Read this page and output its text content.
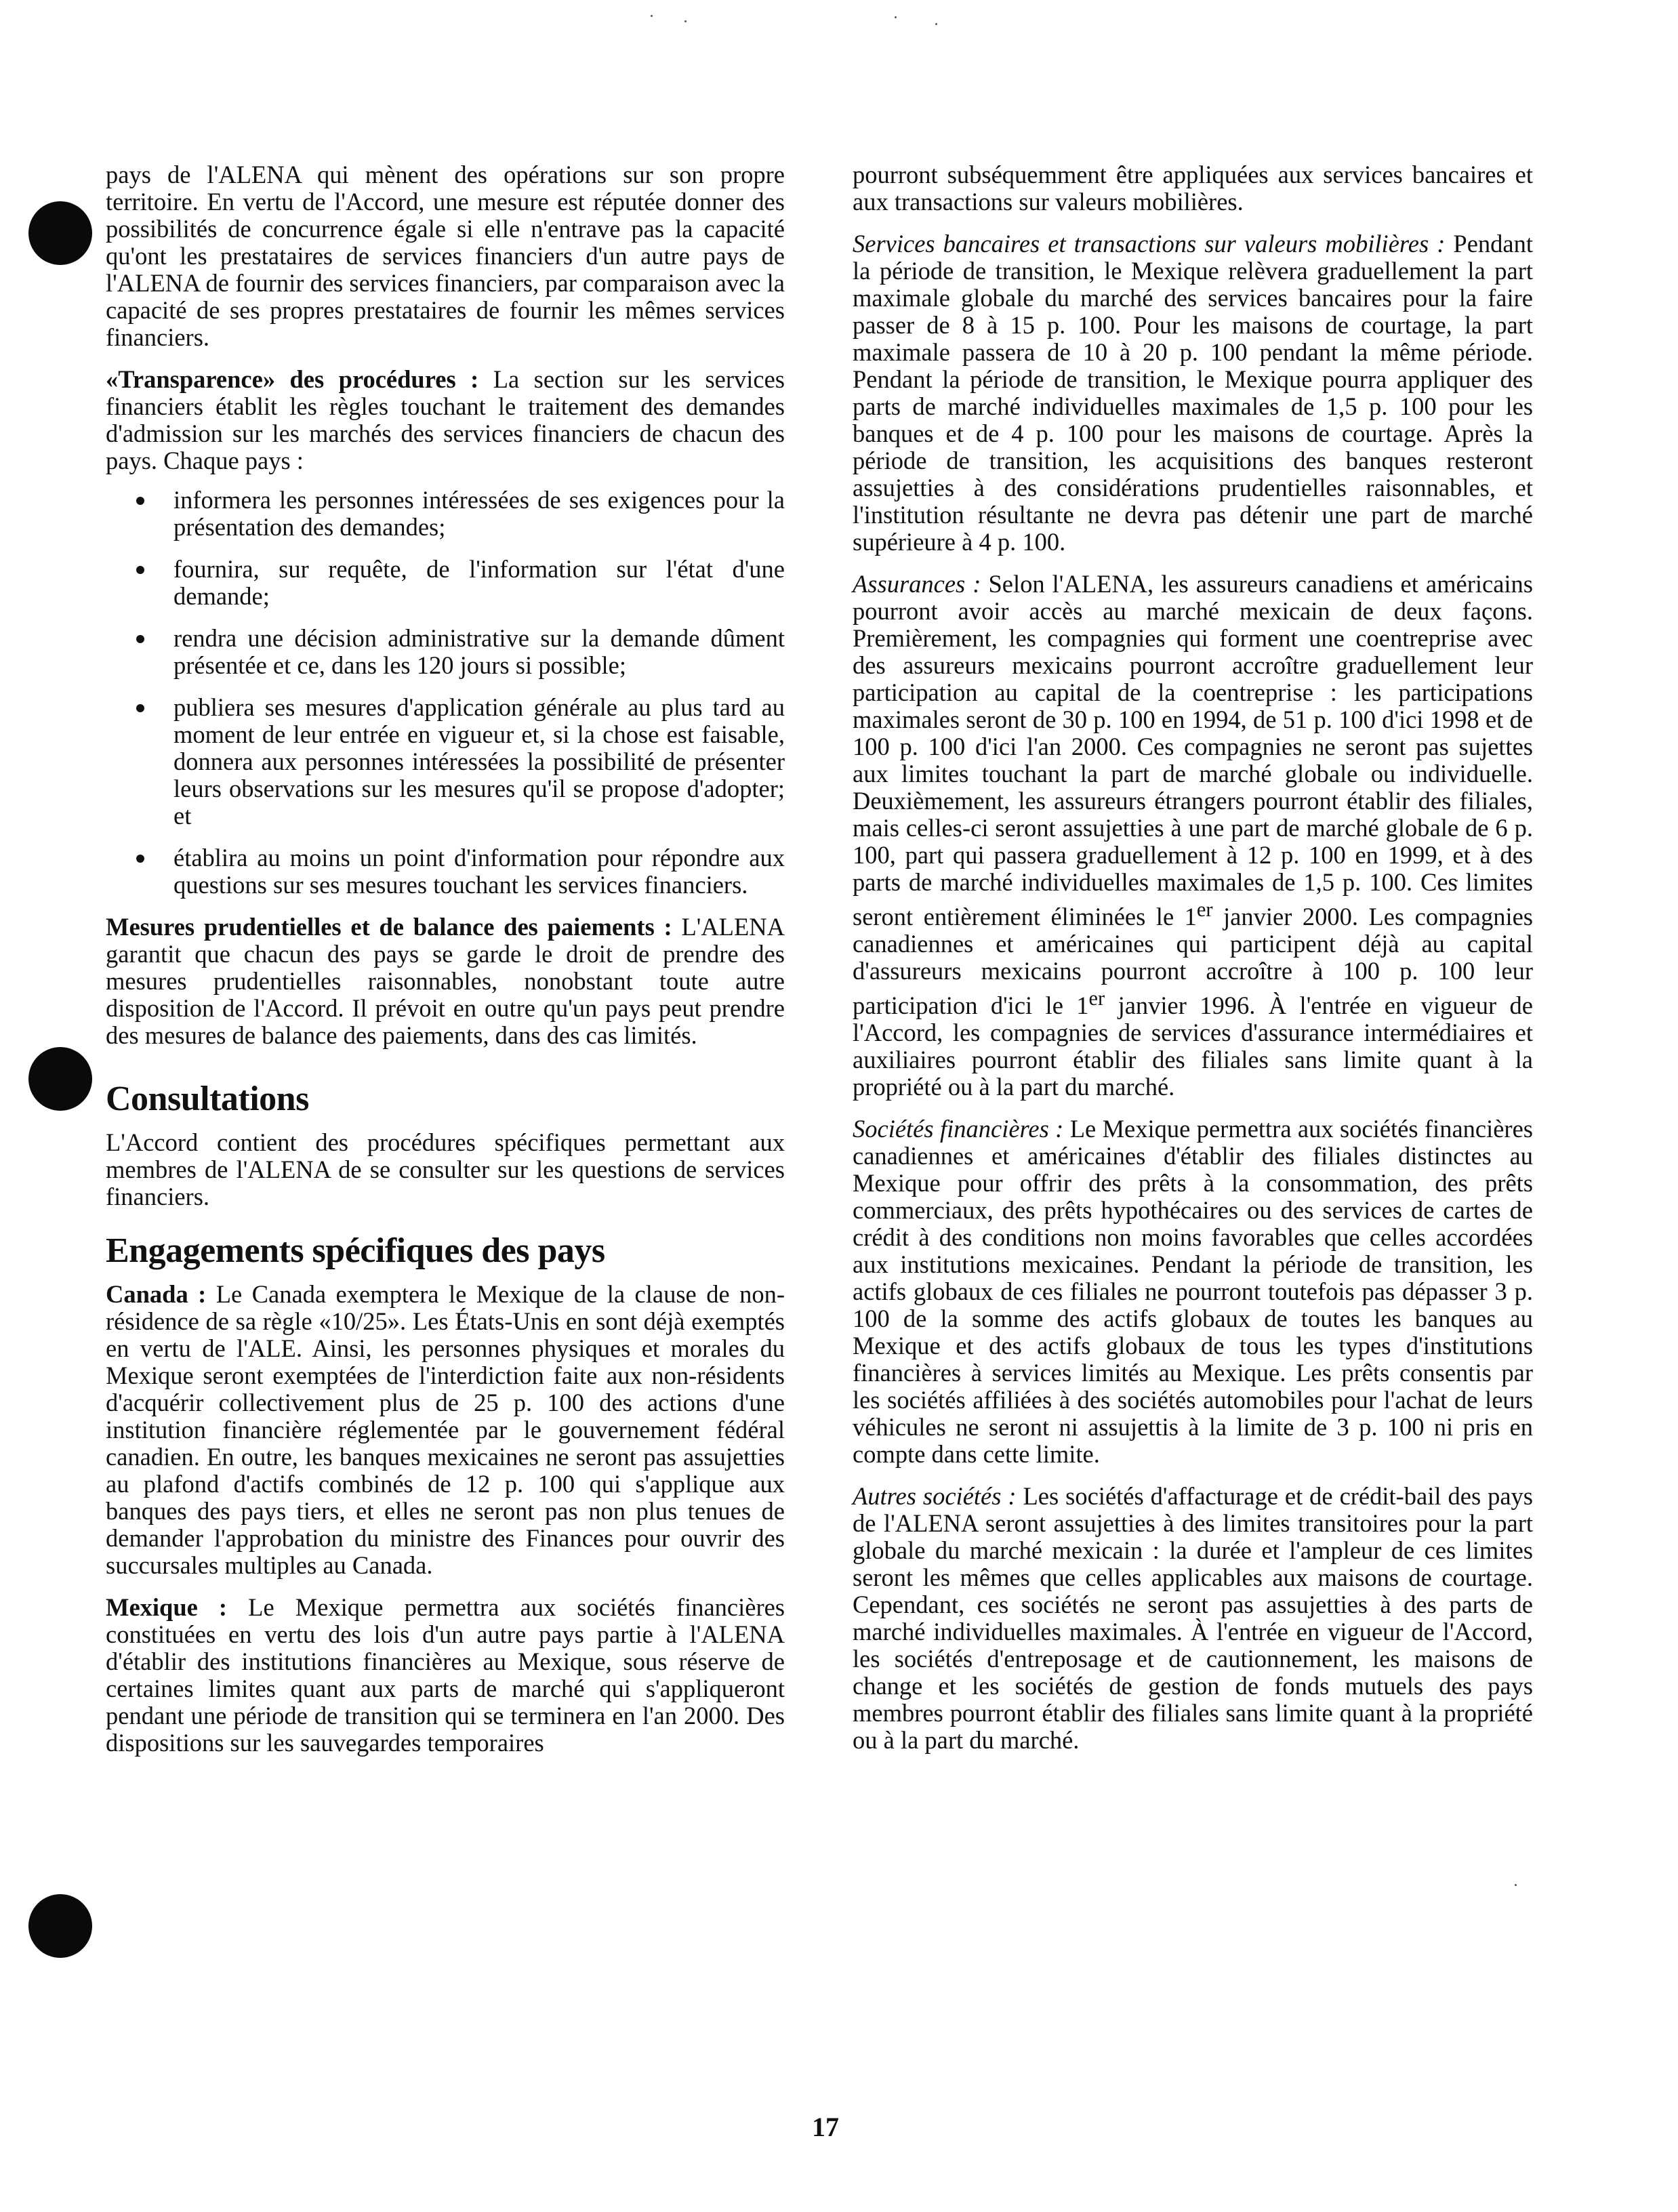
pays de l'ALENA qui mènent des opérations sur son propre territoire. En vertu de l'Accord, une mesure est réputée donner des possibilités de concurrence égale si elle n'entrave pas la capacité qu'ont les prestataires de services financiers d'un autre pays de l'ALENA de fournir des services financiers, par comparaison avec la capacité de ses propres prestataires de fournir les mêmes services financiers.

«Transparence» des procédures : La section sur les services financiers établit les règles touchant le traitement des demandes d'admission sur les marchés des services financiers de chacun des pays. Chaque pays :

informera les personnes intéressées de ses exigences pour la présentation des demandes;
fournira, sur requête, de l'information sur l'état d'une demande;
rendra une décision administrative sur la demande dûment présentée et ce, dans les 120 jours si possible;
publiera ses mesures d'application générale au plus tard au moment de leur entrée en vigueur et, si la chose est faisable, donnera aux personnes intéressées la possibilité de présenter leurs observations sur les mesures qu'il se propose d'adopter; et
établira au moins un point d'information pour répondre aux questions sur ses mesures touchant les services financiers.

Mesures prudentielles et de balance des paiements : L'ALENA garantit que chacun des pays se garde le droit de prendre des mesures prudentielles raisonnables, nonobstant toute autre disposition de l'Accord. Il prévoit en outre qu'un pays peut prendre des mesures de balance des paiements, dans des cas limités.

Consultations

L'Accord contient des procédures spécifiques permettant aux membres de l'ALENA de se consulter sur les questions de services financiers.

Engagements spécifiques des pays

Canada : Le Canada exemptera le Mexique de la clause de non-résidence de sa règle «10/25». Les États-Unis en sont déjà exemptés en vertu de l'ALE. Ainsi, les personnes physiques et morales du Mexique seront exemptées de l'interdiction faite aux non-résidents d'acquérir collectivement plus de 25 p. 100 des actions d'une institution financière réglementée par le gouvernement fédéral canadien. En outre, les banques mexicaines ne seront pas assujetties au plafond d'actifs combinés de 12 p. 100 qui s'applique aux banques des pays tiers, et elles ne seront pas non plus tenues de demander l'approbation du ministre des Finances pour ouvrir des succursales multiples au Canada.

Mexique : Le Mexique permettra aux sociétés financières constituées en vertu des lois d'un autre pays partie à l'ALENA d'établir des institutions financières au Mexique, sous réserve de certaines limites quant aux parts de marché qui s'appliqueront pendant une période de transition qui se terminera en l'an 2000. Des dispositions sur les sauvegardes temporaires

pourront subséquemment être appliquées aux services bancaires et aux transactions sur valeurs mobilières.

Services bancaires et transactions sur valeurs mobilières : Pendant la période de transition, le Mexique relèvera graduellement la part maximale globale du marché des services bancaires pour la faire passer de 8 à 15 p. 100. Pour les maisons de courtage, la part maximale passera de 10 à 20 p. 100 pendant la même période. Pendant la période de transition, le Mexique pourra appliquer des parts de marché individuelles maximales de 1,5 p. 100 pour les banques et de 4 p. 100 pour les maisons de courtage. Après la période de transition, les acquisitions des banques resteront assujetties à des considérations prudentielles raisonnables, et l'institution résultante ne devra pas détenir une part de marché supérieure à 4 p. 100.

Assurances : Selon l'ALENA, les assureurs canadiens et américains pourront avoir accès au marché mexicain de deux façons. Premièrement, les compagnies qui forment une coentreprise avec des assureurs mexicains pourront accroître graduellement leur participation au capital de la coentreprise : les participations maximales seront de 30 p. 100 en 1994, de 51 p. 100 d'ici 1998 et de 100 p. 100 d'ici l'an 2000. Ces compagnies ne seront pas sujettes aux limites touchant la part de marché globale ou individuelle. Deuxièmement, les assureurs étrangers pourront établir des filiales, mais celles-ci seront assujetties à une part de marché globale de 6 p. 100, part qui passera graduellement à 12 p. 100 en 1999, et à des parts de marché individuelles maximales de 1,5 p. 100. Ces limites seront entièrement éliminées le 1er janvier 2000. Les compagnies canadiennes et américaines qui participent déjà au capital d'assureurs mexicains pourront accroître à 100 p. 100 leur participation d'ici le 1er janvier 1996. À l'entrée en vigueur de l'Accord, les compagnies de services d'assurance intermédiaires et auxiliaires pourront établir des filiales sans limite quant à la propriété ou à la part du marché.

Sociétés financières : Le Mexique permettra aux sociétés financières canadiennes et américaines d'établir des filiales distinctes au Mexique pour offrir des prêts à la consommation, des prêts commerciaux, des prêts hypothécaires ou des services de cartes de crédit à des conditions non moins favorables que celles accordées aux institutions mexicaines. Pendant la période de transition, les actifs globaux de ces filiales ne pourront toutefois pas dépasser 3 p. 100 de la somme des actifs globaux de toutes les banques au Mexique et des actifs globaux de tous les types d'institutions financières à services limités au Mexique. Les prêts consentis par les sociétés affiliées à des sociétés automobiles pour l'achat de leurs véhicules ne seront ni assujettis à la limite de 3 p. 100 ni pris en compte dans cette limite.

Autres sociétés : Les sociétés d'affacturage et de crédit-bail des pays de l'ALENA seront assujetties à des limites transitoires pour la part globale du marché mexicain : la durée et l'ampleur de ces limites seront les mêmes que celles applicables aux maisons de courtage. Cependant, ces sociétés ne seront pas assujetties à des parts de marché individuelles maximales. À l'entrée en vigueur de l'Accord, les sociétés d'entreposage et de cautionnement, les maisons de change et les sociétés de gestion de fonds mutuels des pays membres pourront établir des filiales sans limite quant à la propriété ou à la part du marché.

17
